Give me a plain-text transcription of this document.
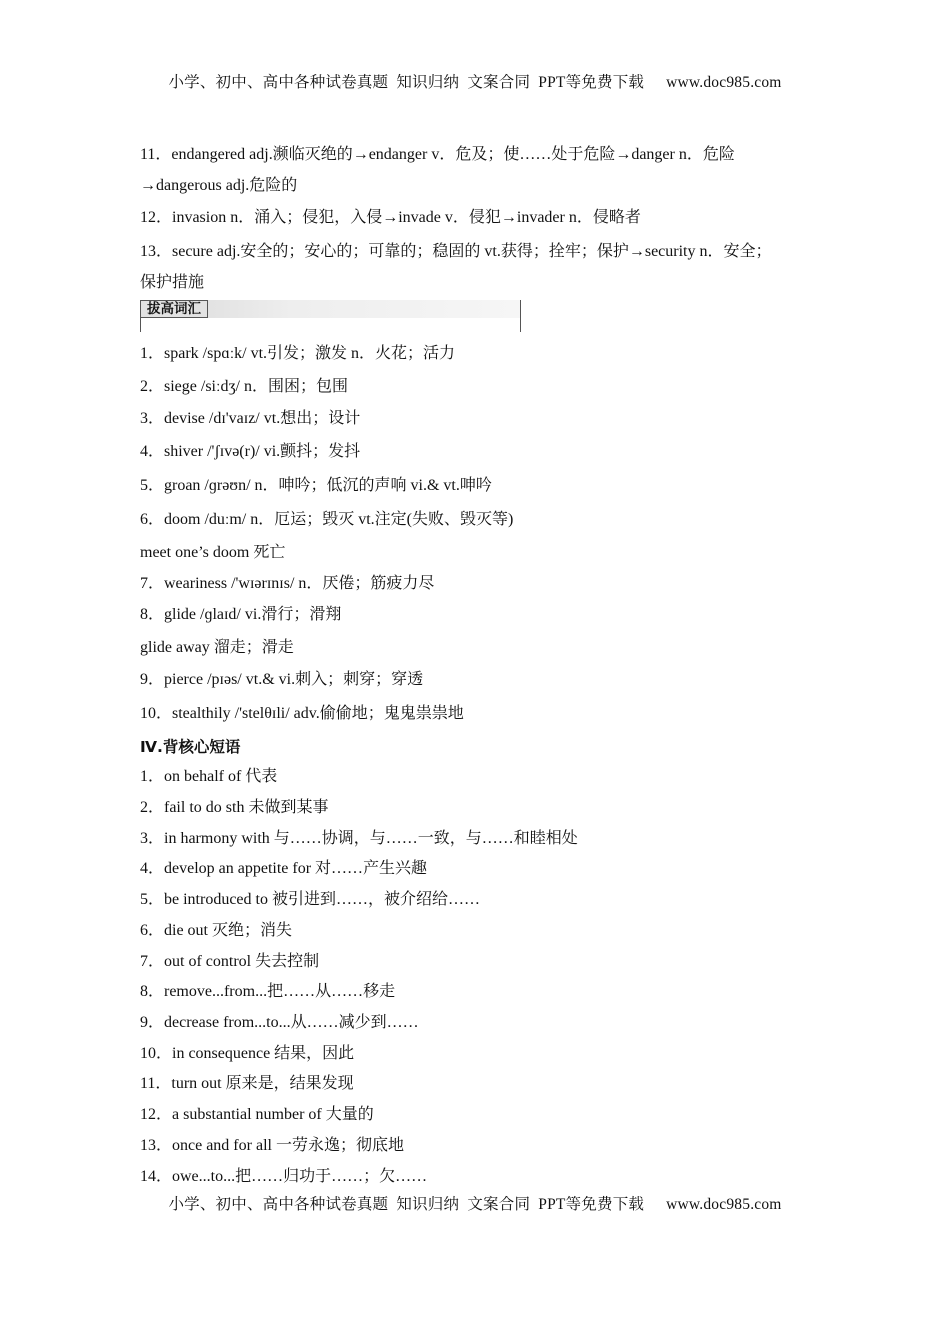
小学、初中、高中各种试卷真题  知识归纳  文案合同  PPT等免费下载 www.doc985.com
11．endangered adj.濒临灭绝的→endanger v．危及；使……处于危险→danger n．危险
→dangerous adj.危险的
12．invasion n．涌入；侵犯，入侵→invade v．侵犯→invader n．侵略者
13．secure adj.安全的；安心的；可靠的；稳固的 vt.获得；拴牢；保护→security n．安全；
保护措施
拔高词汇
1．spark /spɑːk/ vt.引发；激发 n．火花；活力
2．siege /siːdʒ/ n．围困；包围
3．devise /dɪ'vaɪz/ vt.想出；设计
4．shiver /'ʃɪvə(r)/ vi.颤抖；发抖
5．groan /ɡrəʊn/ n．呻吟；低沉的声响 vi.& vt.呻吟
6．doom /duːm/ n．厄运；毁灭 vt.注定(失败、毁灭等)
meet one’s doom 死亡
7．weariness /'wɪərɪnɪs/ n．厌倦；筋疲力尽
8．glide /ɡlaɪd/ vi.滑行；滑翔
glide away 溜走；滑走
9．pierce /pɪəs/ vt.& vi.刺入；刺穿；穿透
10．stealthily /'stelθɪli/ adv.偷偷地；鬼鬼祟祟地
Ⅳ.背核心短语
1．on behalf of 代表
2．fail to do sth 未做到某事
3．in harmony with 与……协调，与……一致，与……和睦相处
4．develop an appetite for 对……产生兴趣
5．be introduced to 被引进到……，被介绍给……
6．die out 灭绝；消失
7．out of control 失去控制
8．remove...from...把……从……移走
9．decrease from...to...从……减少到……
10．in consequence 结果，因此
11．turn out 原来是，结果发现
12．a substantial number of 大量的
13．once and for all 一劳永逸；彻底地
14．owe...to...把……归功于……；欠……
小学、初中、高中各种试卷真题  知识归纳  文案合同  PPT等免费下载 www.doc985.com
